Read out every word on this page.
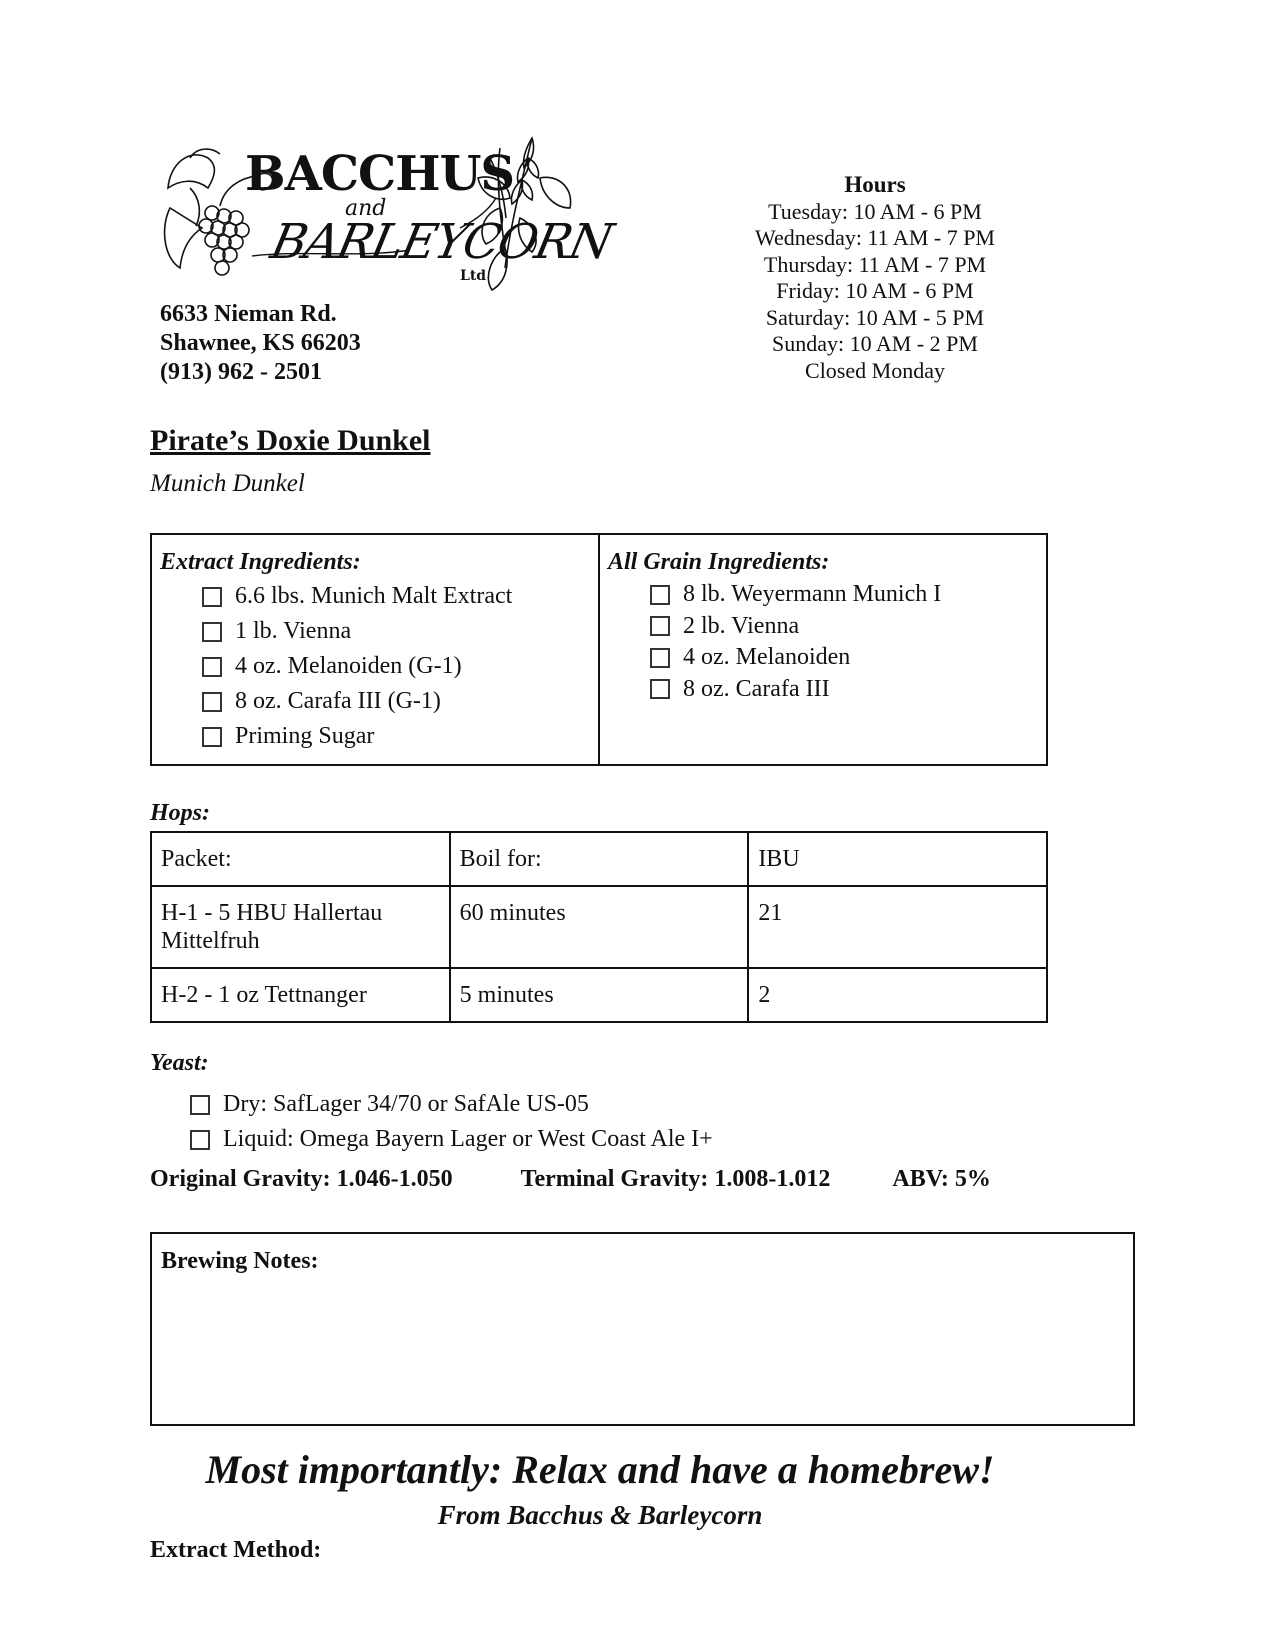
BACCHUS
and
BARLEYCORN
Ltd
6633 Nieman Rd.
Shawnee, KS 66203
(913) 962 - 2501
Hours
Tuesday: 10 AM - 6 PM
Wednesday: 11 AM - 7 PM
Thursday: 11 AM - 7 PM
Friday: 10 AM - 6 PM
Saturday: 10 AM - 5 PM
Sunday: 10 AM - 2 PM
Closed Monday
Pirate’s Doxie Dunkel
Munich Dunkel
Extract Ingredients:
6.6 lbs. Munich Malt Extract
1 lb. Vienna
4 oz. Melanoiden (G-1)
8 oz. Carafa III (G-1)
Priming Sugar

All Grain Ingredients:
8 lb. Weyermann Munich I
2 lb. Vienna
4 oz. Melanoiden
8 oz. Carafa III
Hops:
Packet:	Boil for:	IBU
H-1 - 5 HBU Hallertau Mittelfruh	60 minutes	21
H-2 - 1 oz Tettnanger	5 minutes	2
Yeast:
Dry: SafLager 34/70 or SafAle US-05
Liquid: Omega Bayern Lager or West Coast Ale I+
Original Gravity: 1.046-1.050	Terminal Gravity: 1.008-1.012	ABV: 5%
Brewing Notes:
Most importantly: Relax and have a homebrew!
From Bacchus & Barleycorn
Extract Method:
